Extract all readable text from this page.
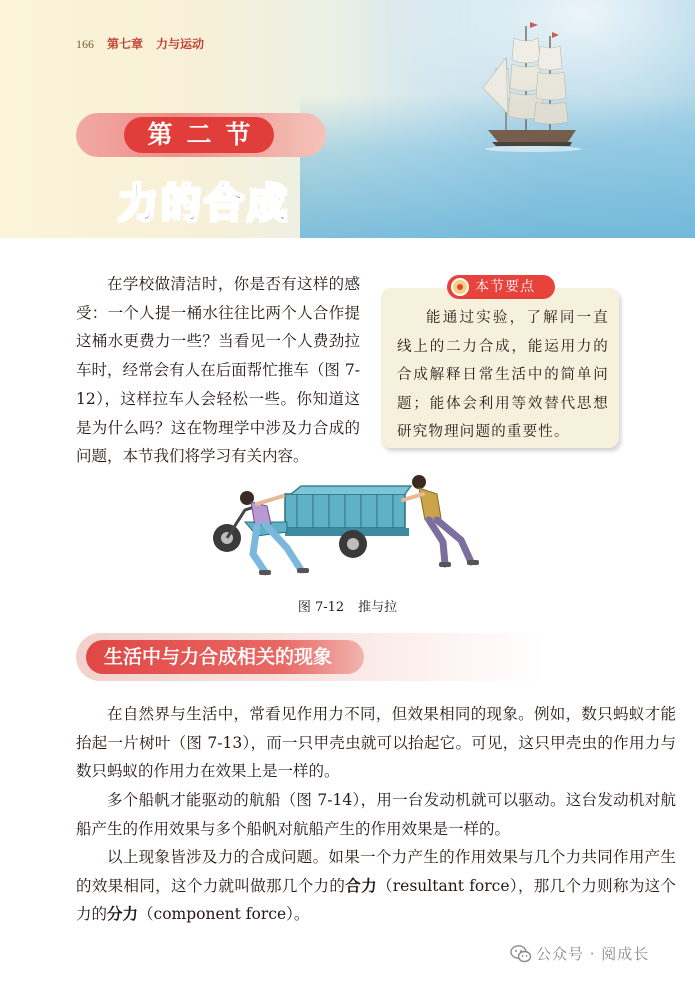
166 第七章 力与运动
第二节
力的合成
在学校做清洁时，你是否有这样的感受：一个人提一桶水往往比两个人合作提这桶水更费力一些？当看见一个人费劲拉车时，经常会有人在后面帮忙推车（图 7-12），这样拉车人会轻松一些。你知道这是为什么吗？这在物理学中涉及力合成的问题，本节我们将学习有关内容。
本节要点
能通过实验，了解同一直线上的二力合成，能运用力的合成解释日常生活中的简单问题；能体会利用等效替代思想研究物理问题的重要性。
图 7-12 推与拉
生活中与力合成相关的现象
在自然界与生活中，常看见作用力不同，但效果相同的现象。例如，数只蚂蚁才能抬起一片树叶（图 7-13），而一只甲壳虫就可以抬起它。可见，这只甲壳虫的作用力与数只蚂蚁的作用力在效果上是一样的。
多个船帆才能驱动的航船（图 7-14），用一台发动机就可以驱动。这台发动机对航船产生的作用效果与多个船帆对航船产生的作用效果是一样的。
以上现象皆涉及力的合成问题。如果一个力产生的作用效果与几个力共同作用产生的效果相同，这个力就叫做那几个力的合力（resultant force），那几个力则称为这个力的分力（component force）。
公众号 · 阅成长
